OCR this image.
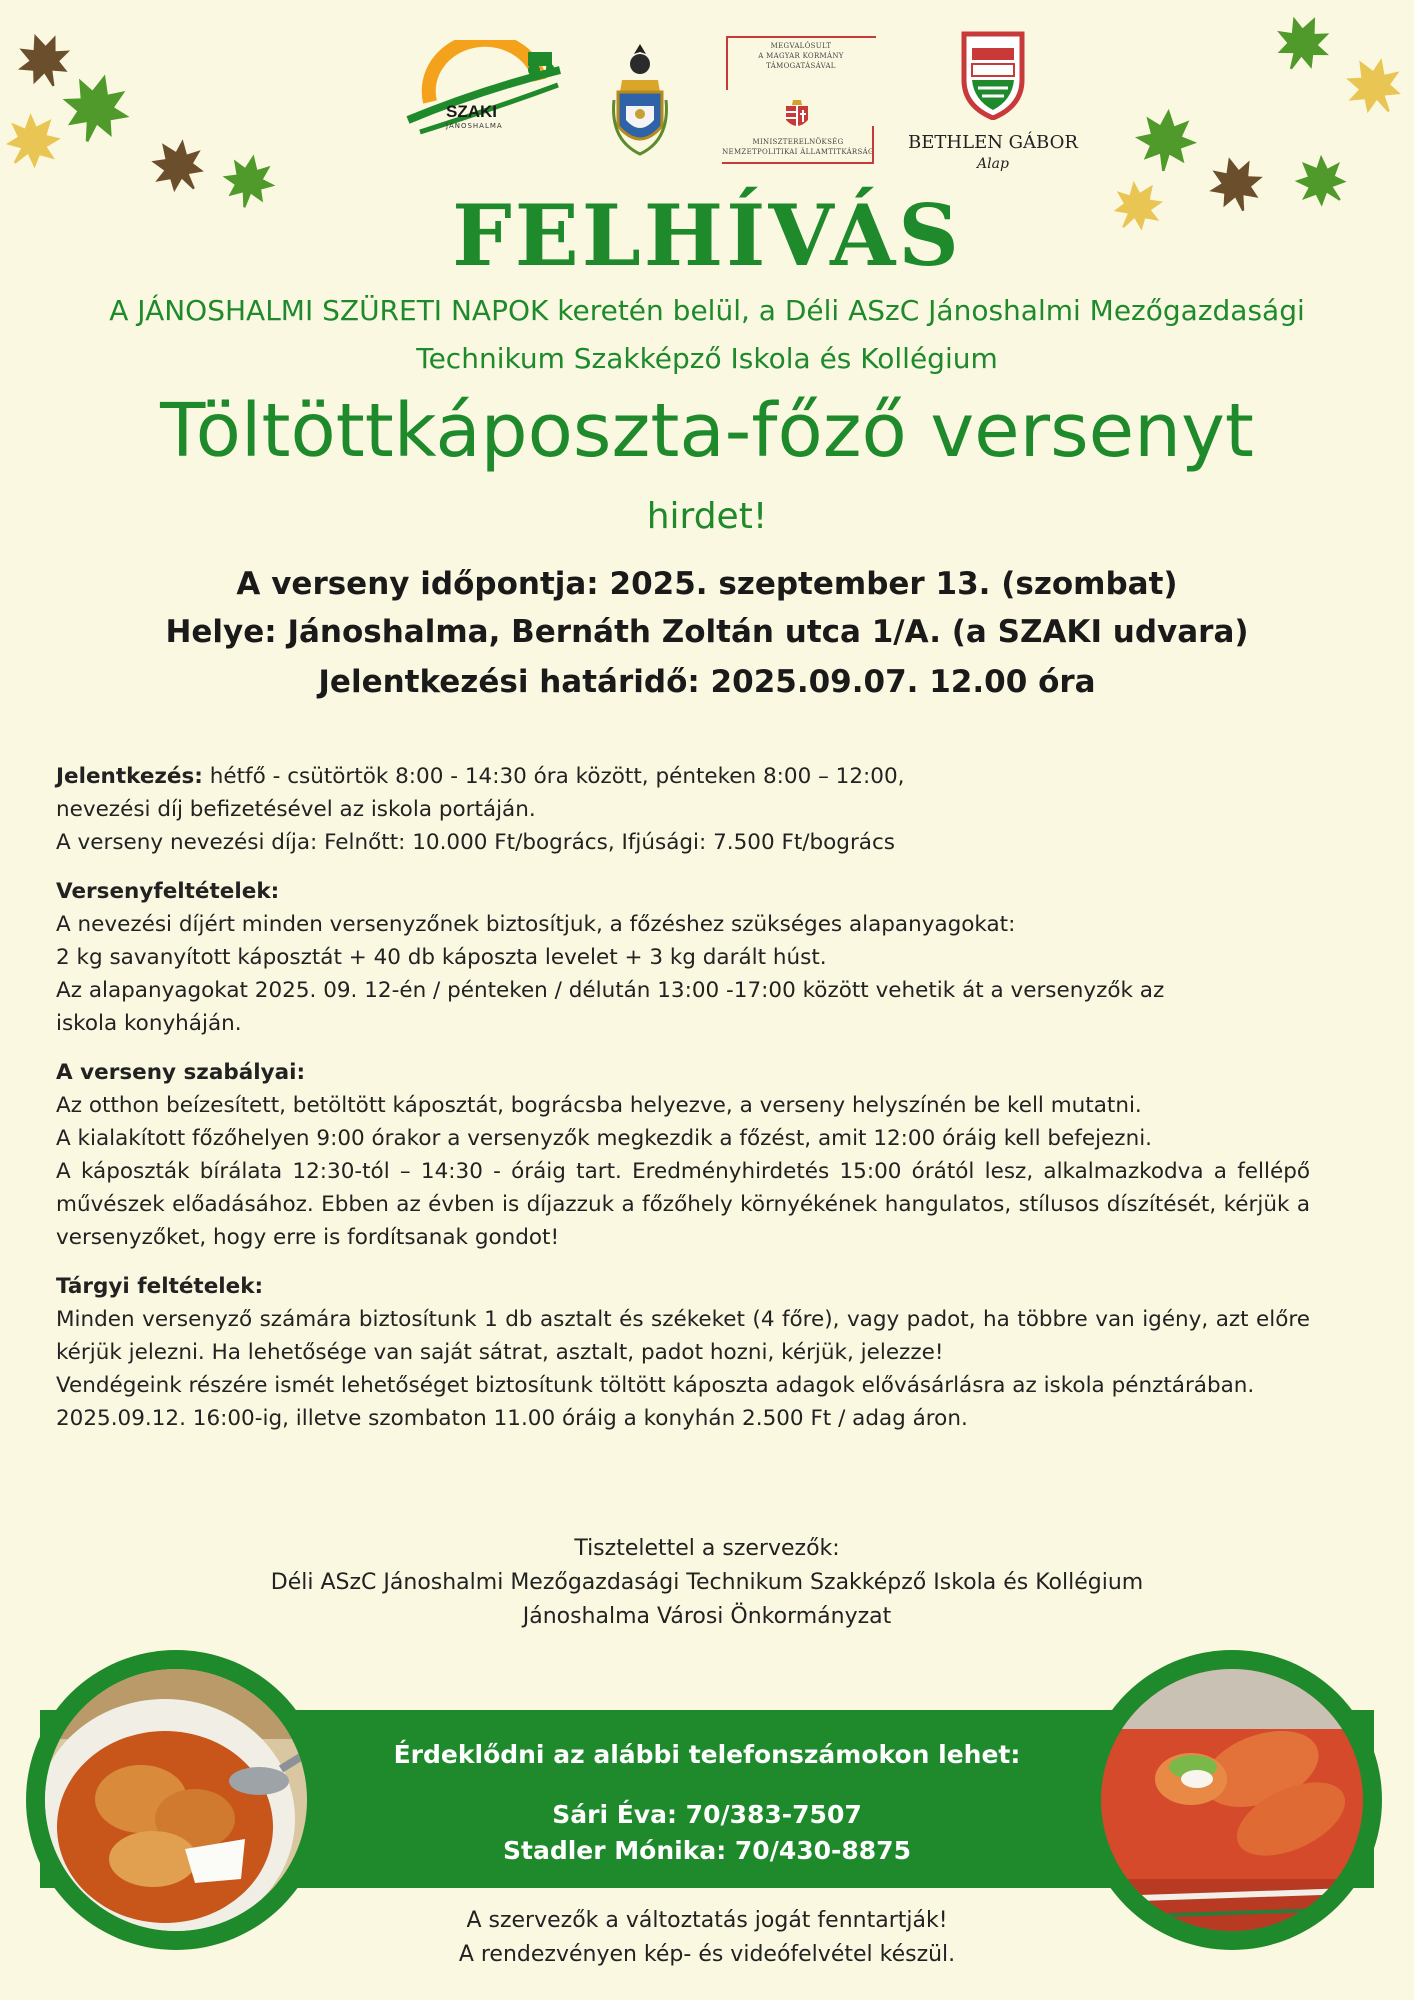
SZAKI
JÁNOSHALMA
MEGVALÓSULT
A MAGYAR KORMÁNY
TÁMOGATÁSÁVAL
MINISZTERELNÖKSÉG
NEMZETPOLITIKAI ÁLLAMTITKÁRSÁG BETHLEN GÁBOR
Alap
FELHÍVÁS
A JÁNOSHALMI SZÜRETI NAPOK keretén belül, a Déli ASzC Jánoshalmi Mezőgazdasági
Technikum Szakképző Iskola és Kollégium
Töltöttkáposzta-főző versenyt
hirdet!
A verseny időpontja: 2025. szeptember 13. (szombat)
Helye: Jánoshalma, Bernáth Zoltán utca 1/A. (a SZAKI udvara)
Jelentkezési határidő: 2025.09.07. 12.00 óra

Jelentkezés: hétfő - csütörtök 8:00 - 14:30 óra között, pénteken 8:00 – 12:00,
nevezési díj befizetésével az iskola portáján.
A verseny nevezési díja: Felnőtt: 10.000 Ft/bogrács, Ifjúsági: 7.500 Ft/bogrács

Versenyfeltételek:
A nevezési díjért minden versenyzőnek biztosítjuk, a főzéshez szükséges alapanyagokat:
2 kg savanyított káposztát + 40 db káposzta levelet + 3 kg darált húst.
Az alapanyagokat 2025. 09. 12-én / pénteken / délután 13:00 -17:00 között vehetik át a versenyzők az
iskola konyháján.

A verseny szabályai:
Az otthon beízesített, betöltött káposztát, bográcsba helyezve, a verseny helyszínén be kell mutatni.
A kialakított főzőhelyen 9:00 órakor a versenyzők megkezdik a főzést, amit 12:00 óráig kell befejezni.

A káposzták bírálata 12:30-tól – 14:30 - óráig tart. Eredményhirdetés 15:00 órától lesz, alkalmazkodva a fellépő művészek előadásához. Ebben az évben is díjazzuk a főzőhely környékének hangulatos, stílusos díszítését, kérjük a versenyzőket, hogy erre is fordítsanak gondot!

Tárgyi feltételek:

Minden versenyző számára biztosítunk 1 db asztalt és székeket (4 főre), vagy padot, ha többre van igény, azt előre kérjük jelezni. Ha lehetősége van saját sátrat, asztalt, padot hozni, kérjük, jelezze!

Vendégeink részére ismét lehetőséget biztosítunk töltött káposzta adagok elővásárlásra az iskola pénztárában.
2025.09.12. 16:00-ig, illetve szombaton 11.00 óráig a konyhán 2.500 Ft / adag áron.

Tisztelettel a szervezők:
Déli ASzC Jánoshalmi Mezőgazdasági Technikum Szakképző Iskola és Kollégium
Jánoshalma Városi Önkormányzat
Érdeklődni az alábbi telefonszámokon lehet:
Sári Éva: 70/383-7507
Stadler Mónika: 70/430-8875
A szervezők a változtatás jogát fenntartják!
A rendezvényen kép- és videófelvétel készül.
